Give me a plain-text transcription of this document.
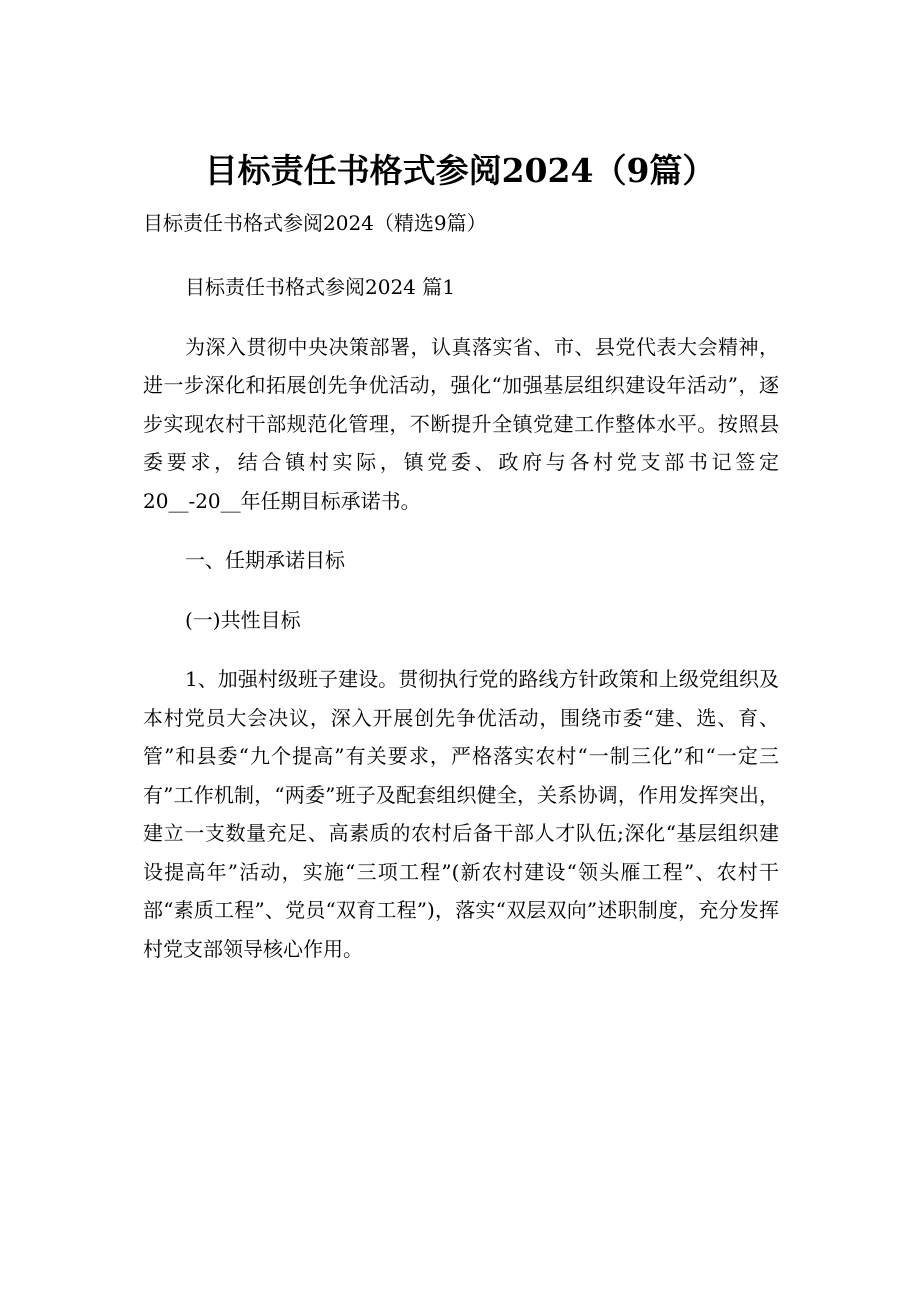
目标责任书格式参阅2024（9篇）

目标责任书格式参阅2024（精选9篇）

目标责任书格式参阅2024 篇1

为深入贯彻中央决策部署，认真落实省、市、县党代表大会精神，进一步深化和拓展创先争优活动，强化“加强基层组织建设年活动”，逐步实现农村干部规范化管理，不断提升全镇党建工作整体水平。按照县委要求，结合镇村实际，镇党委、政府与各村党支部书记签定20__-20__年任期目标承诺书。

一、任期承诺目标

(一)共性目标

1、加强村级班子建设。贯彻执行党的路线方针政策和上级党组织及本村党员大会决议，深入开展创先争优活动，围绕市委“建、选、育、管”和县委“九个提高”有关要求，严格落实农村“一制三化”和“一定三有”工作机制，“两委”班子及配套组织健全，关系协调，作用发挥突出，建立一支数量充足、高素质的农村后备干部人才队伍;深化“基层组织建设提高年”活动，实施“三项工程”(新农村建设“领头雁工程”、农村干部“素质工程”、党员“双育工程”)，落实“双层双向”述职制度，充分发挥村党支部领导核心作用。
